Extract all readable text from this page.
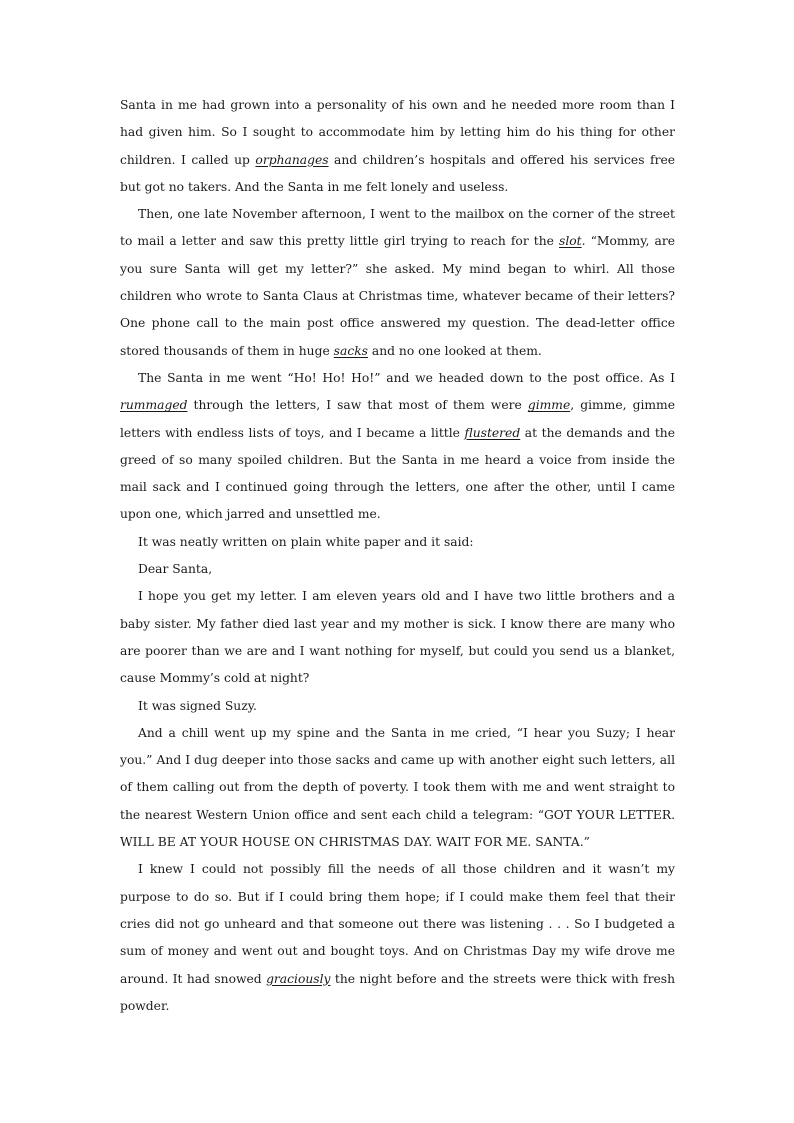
Santa in me had grown into a personality of his own and he needed more room than I had given him. So I sought to accommodate him by letting him do his thing for other children. I called up orphanages and children’s hospitals and offered his services free but got no takers. And the Santa in me felt lonely and useless.

Then, one late November afternoon, I went to the mailbox on the corner of the street to mail a letter and saw this pretty little girl trying to reach for the slot. “Mommy, are you sure Santa will get my letter?” she asked. My mind began to whirl. All those children who wrote to Santa Claus at Christmas time, whatever became of their letters? One phone call to the main post office answered my question. The dead-letter office stored thousands of them in huge sacks and no one looked at them.

The Santa in me went “Ho! Ho! Ho!” and we headed down to the post office. As I rummaged through the letters, I saw that most of them were gimme, gimme, gimme letters with endless lists of toys, and I became a little flustered at the demands and the greed of so many spoiled children. But the Santa in me heard a voice from inside the mail sack and I continued going through the letters, one after the other, until I came upon one, which jarred and unsettled me.

It was neatly written on plain white paper and it said:

Dear Santa,

I hope you get my letter. I am eleven years old and I have two little brothers and a baby sister. My father died last year and my mother is sick. I know there are many who are poorer than we are and I want nothing for myself, but could you send us a blanket, cause Mommy’s cold at night?

It was signed Suzy.

And a chill went up my spine and the Santa in me cried, “I hear you Suzy; I hear you.” And I dug deeper into those sacks and came up with another eight such letters, all of them calling out from the depth of poverty. I took them with me and went straight to the nearest Western Union office and sent each child a telegram: “GOT YOUR LETTER. WILL BE AT YOUR HOUSE ON CHRISTMAS DAY. WAIT FOR ME. SANTA.”

I knew I could not possibly fill the needs of all those children and it wasn’t my purpose to do so. But if I could bring them hope; if I could make them feel that their cries did not go unheard and that someone out there was listening . . . So I budgeted a sum of money and went out and bought toys. And on Christmas Day my wife drove me around. It had snowed graciously the night before and the streets were thick with fresh powder.
